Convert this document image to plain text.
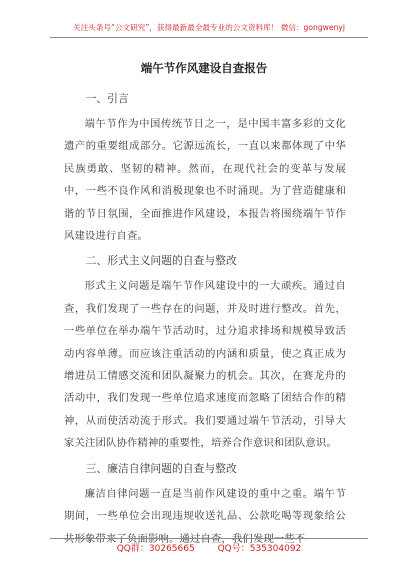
关注头条号“公文研究”，获得最新最全最专业的公文资料库！ 微信：gongwenyj
端午节作风建设自查报告
一、引言

端午节作为中国传统节日之一，是中国丰富多彩的文化遗产的重要组成部分。它源远流长，一直以来都体现了中华民族勇敢、坚韧的精神。然而，在现代社会的变革与发展中，一些不良作风和消极现象也不时涌现。为了营造健康和谐的节日氛围，全面推进作风建设，本报告将围绕端午节作风建设进行自查。

二、形式主义问题的自查与整改

形式主义问题是端午节作风建设中的一大顽疾。通过自查，我们发现了一些存在的问题，并及时进行整改。首先，一些单位在举办端午节活动时，过分追求排场和规模导致活动内容单薄。而应该注重活动的内涵和质量，使之真正成为增进员工情感交流和团队凝聚力的机会。其次，在赛龙舟的活动中，我们发现一些单位追求速度而忽略了团结合作的精神，从而使活动流于形式。我们要通过端午节活动，引导大家关注团队协作精神的重要性，培养合作意识和团队意识。

三、廉洁自律问题的自查与整改

廉洁自律问题一直是当前作风建设的重中之重。端午节期间，一些单位会出现违规收送礼品、公款吃喝等现象给公共形象带来了负面影响。通过自查，我们发现一些不

QQ群：30265665	QQ号：535304092
